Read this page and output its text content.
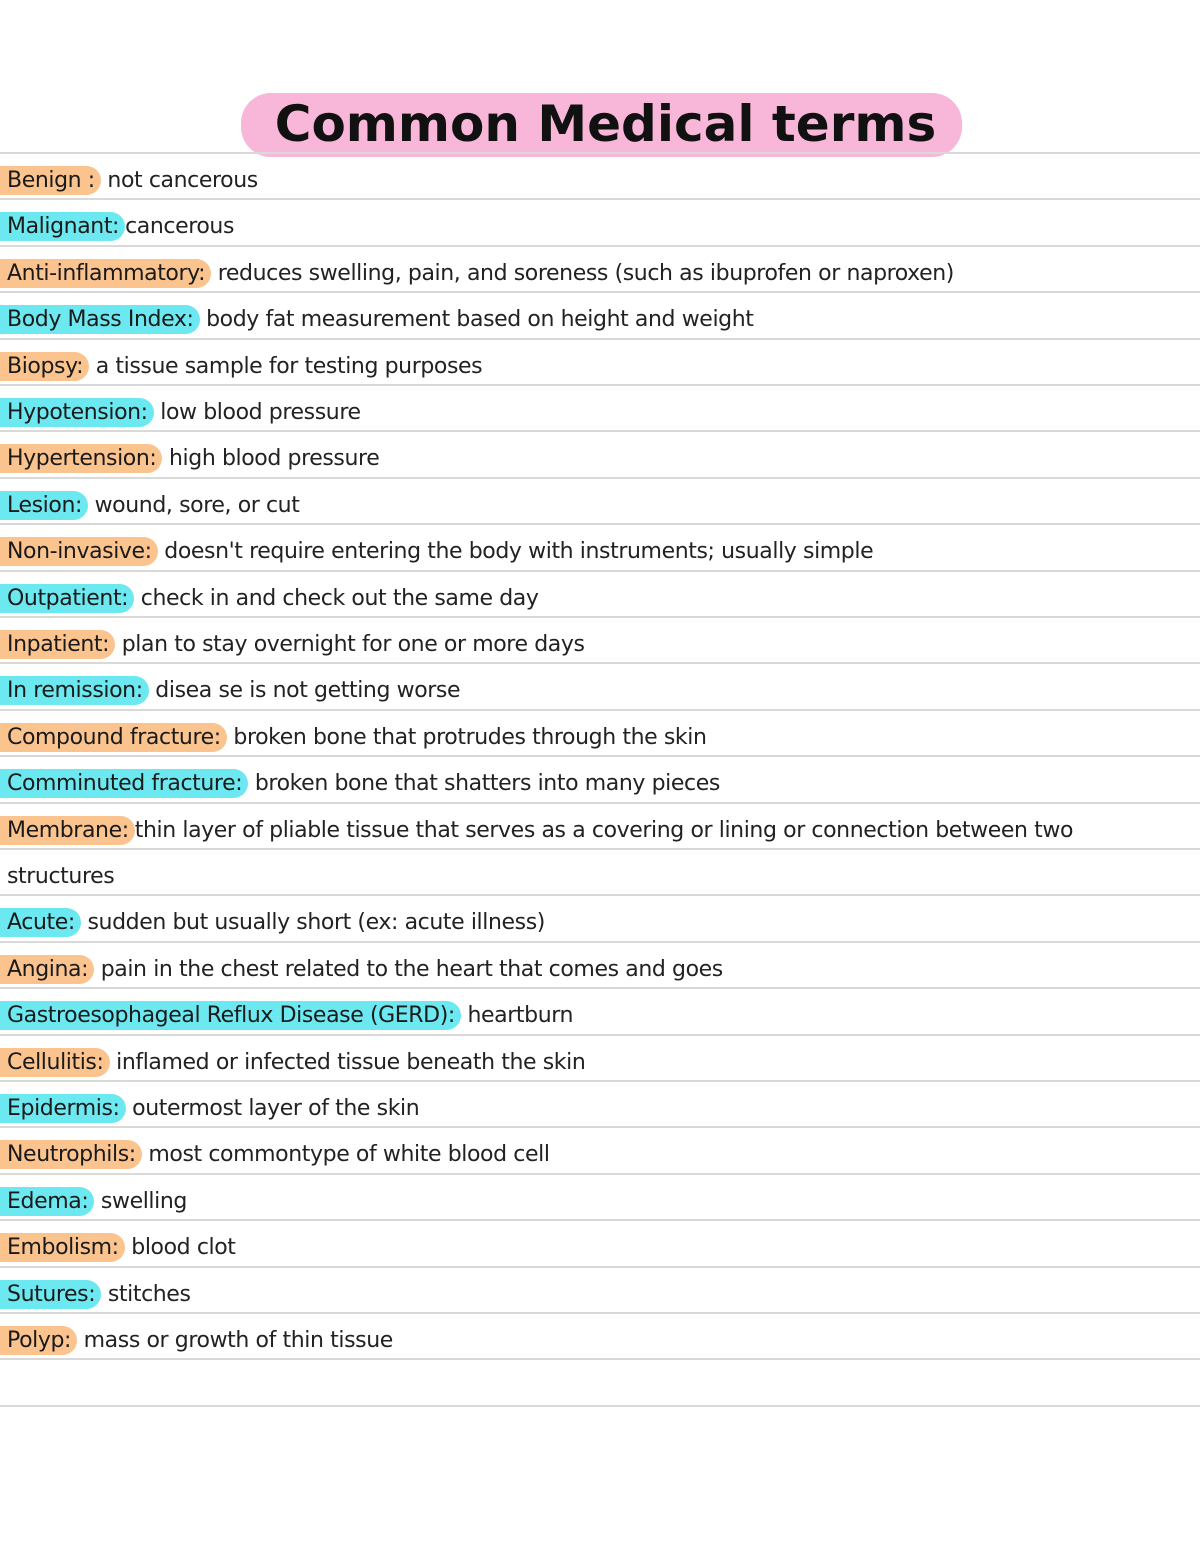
Common Medical terms
Benign : not cancerous
Malignant: cancerous
Anti-inflammatory: reduces swelling, pain, and soreness (such as ibuprofen or naproxen)
Body Mass Index: body fat measurement based on height and weight
Biopsy: a tissue sample for testing purposes
Hypotension: low blood pressure
Hypertension: high blood pressure
Lesion: wound, sore, or cut
Non-invasive: doesn't require entering the body with instruments; usually simple
Outpatient: check in and check out the same day
Inpatient: plan to stay overnight for one or more days
In remission: disea se is not getting worse
Compound fracture: broken bone that protrudes through the skin
Comminuted fracture: broken bone that shatters into many pieces
Membrane: thin layer of pliable tissue that serves as a covering or lining or connection between two
structures
Acute: sudden but usually short (ex: acute illness)
Angina: pain in the chest related to the heart that comes and goes
Gastroesophageal Reflux Disease (GERD): heartburn
Cellulitis: inflamed or infected tissue beneath the skin
Epidermis: outermost layer of the skin
Neutrophils: most commontype of white blood cell
Edema: swelling
Embolism: blood clot
Sutures: stitches
Polyp: mass or growth of thin tissue
